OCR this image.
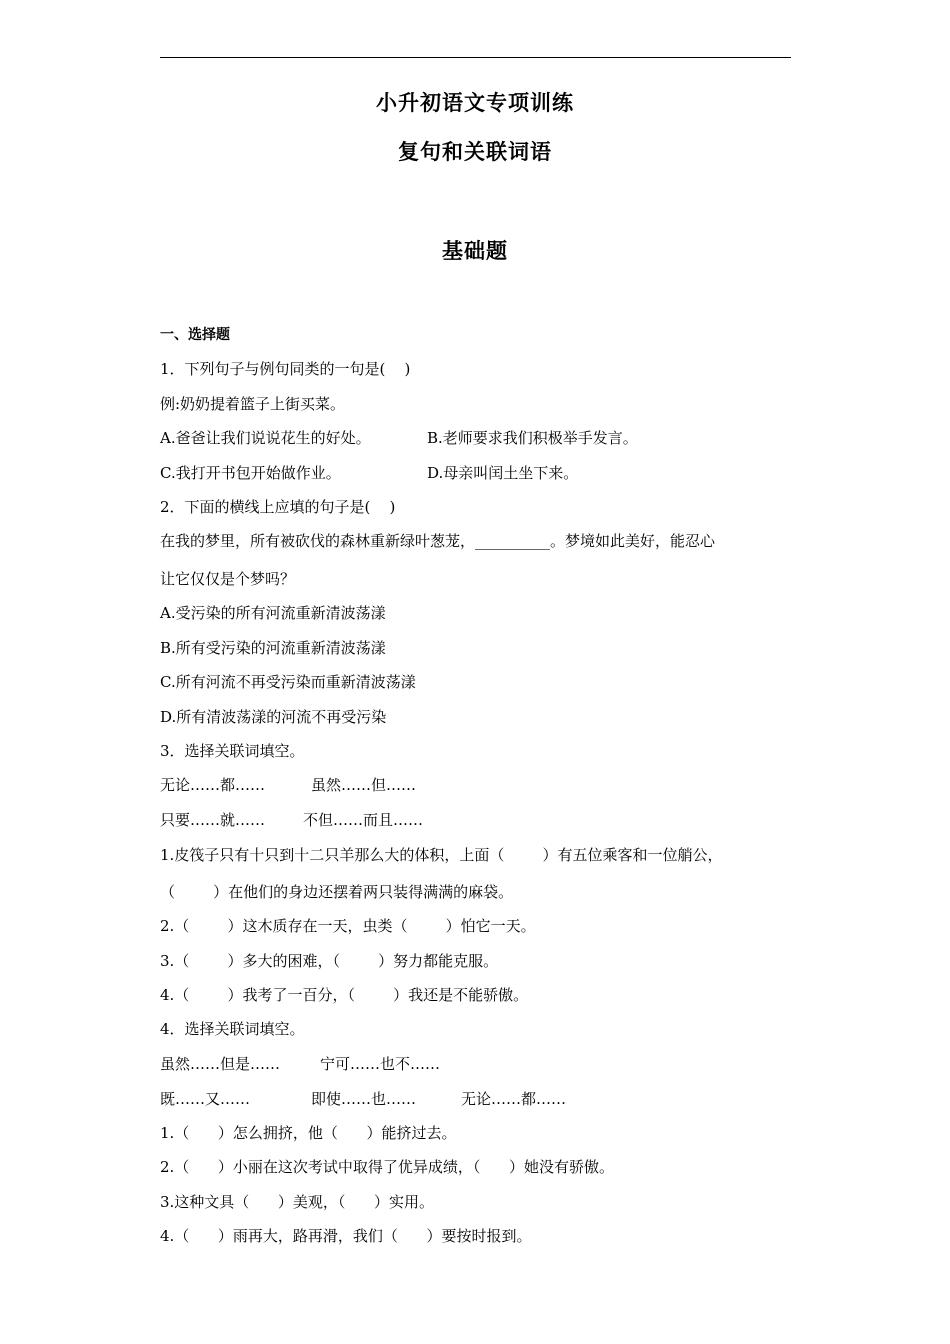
小升初语文专项训练
复句和关联词语
基础题
一、选择题
1．下列句子与例句同类的一句是(    )
例:奶奶提着篮子上街买菜。
A.爸爸让我们说说花生的好处。	B.老师要求我们积极举手发言。
C.我打开书包开始做作业。	D.母亲叫闰土坐下来。
2．下面的横线上应填的句子是(    )
在我的梦里，所有被砍伐的森林重新绿叶葱茏，__________。梦境如此美好，能忍心
让它仅仅是个梦吗？
A.受污染的所有河流重新清波荡漾
B.所有受污染的河流重新清波荡漾
C.所有河流不再受污染而重新清波荡漾
D.所有清波荡漾的河流不再受污染
3．选择关联词填空。
无论……都……	虽然……但……
只要……就……	不但……而且……
1.皮筏子只有十只到十二只羊那么大的体积，上面（        ）有五位乘客和一位艄公，
（        ）在他们的身边还摆着两只装得满满的麻袋。
2.（        ）这木质存在一天，虫类（        ）怕它一天。
3.（        ）多大的困难，（        ）努力都能克服。
4.（        ）我考了一百分，（        ）我还是不能骄傲。
4．选择关联词填空。
虽然……但是……	宁可……也不……
既……又……	即使……也……	无论……都……
1.（      ）怎么拥挤，他（      ）能挤过去。
2.（      ）小丽在这次考试中取得了优异成绩，（      ）她没有骄傲。
3.这种文具（      ）美观，（      ）实用。
4.（      ）雨再大，路再滑，我们（      ）要按时报到。
